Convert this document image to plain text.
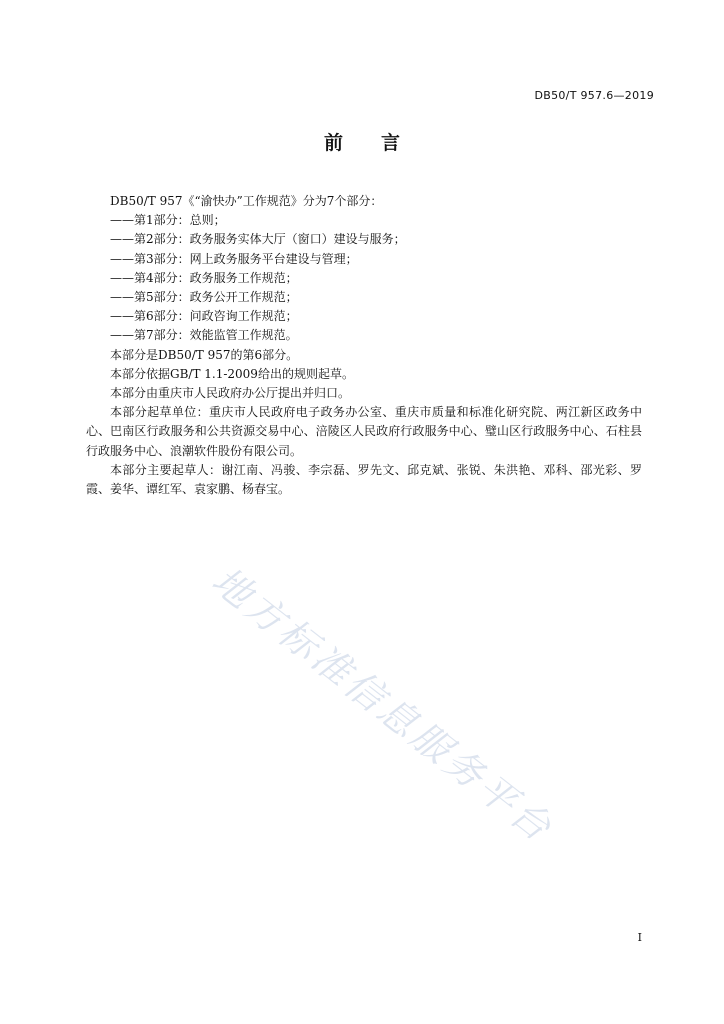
DB50/T 957.6—2019
前言

DB50/T 957《“渝快办”工作规范》分为7个部分：

——第1部分：总则；

——第2部分：政务服务实体大厅（窗口）建设与服务；

——第3部分：网上政务服务平台建设与管理；

——第4部分：政务服务工作规范；

——第5部分：政务公开工作规范；

——第6部分：问政咨询工作规范；

——第7部分：效能监管工作规范。

本部分是DB50/T 957的第6部分。

本部分依据GB/T 1.1-2009给出的规则起草。

本部分由重庆市人民政府办公厅提出并归口。

本部分起草单位：重庆市人民政府电子政务办公室、重庆市质量和标准化研究院、两江新区政务中心、巴南区行政服务和公共资源交易中心、涪陵区人民政府行政服务中心、璧山区行政服务中心、石柱县行政服务中心、浪潮软件股份有限公司。

本部分主要起草人：谢江南、冯骏、李宗磊、罗先文、邱克斌、张锐、朱洪艳、邓科、邵光彩、罗霞、姜华、谭红军、袁家鹏、杨春宝。

地方标准信息服务平台
I
